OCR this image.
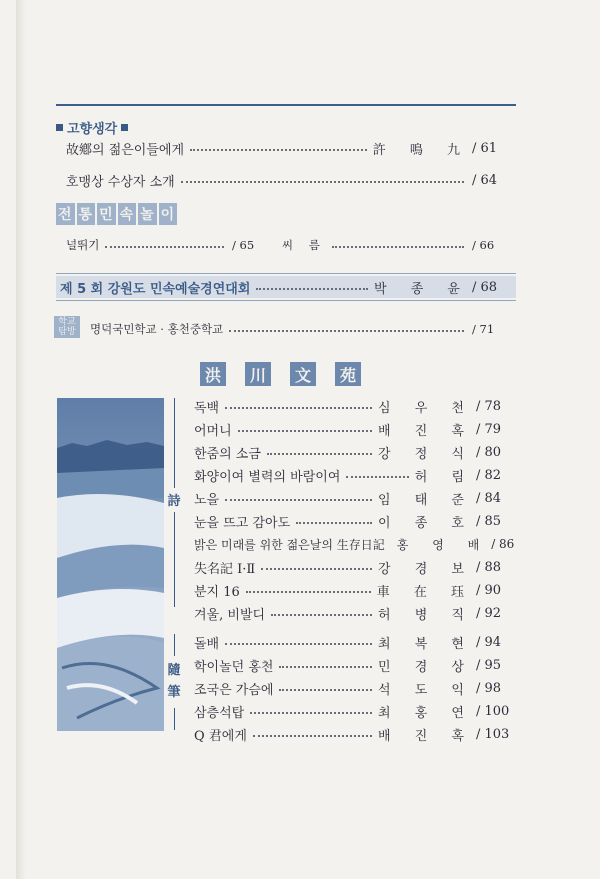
고향생각
故鄕의 젊은이들에게	許 鳴 九 / 61
호맹상 수상자 소개	/ 64
전 통 민 속 놀 이
널뛰기	/ 65	씨 름	/ 66
제 5 회 강원도 민속예술경연대회	박 종 윤 / 68
학교
탐방	명덕국민학교 · 홍천중학교	/ 71
洪	川	文	苑
詩
독백	심 우 천 / 78
어머니	배 진 혹 / 79
한줌의 소금	강 정 식 / 80
화양이여 별력의 바람이여	허 림 / 82
노을	임 태 준 / 84
눈을 뜨고 감아도	이 종 호 / 85
밝은 미래를 위한 젊은날의 生存日記 홍 영 배 / 86
失名記 Ⅰ·Ⅱ	강 경 보 / 88
분지 16	車 在 珏 / 90
겨울, 비발디	허 병 직 / 92
隨筆
돌배	최 복 현 / 94
학이놀던 홍천	민 경 상 / 95
조국은 가슴에	석 도 익 / 98
삼층석탑	최 홍 연 / 100
Q 君에게	배 진 혹 / 103
